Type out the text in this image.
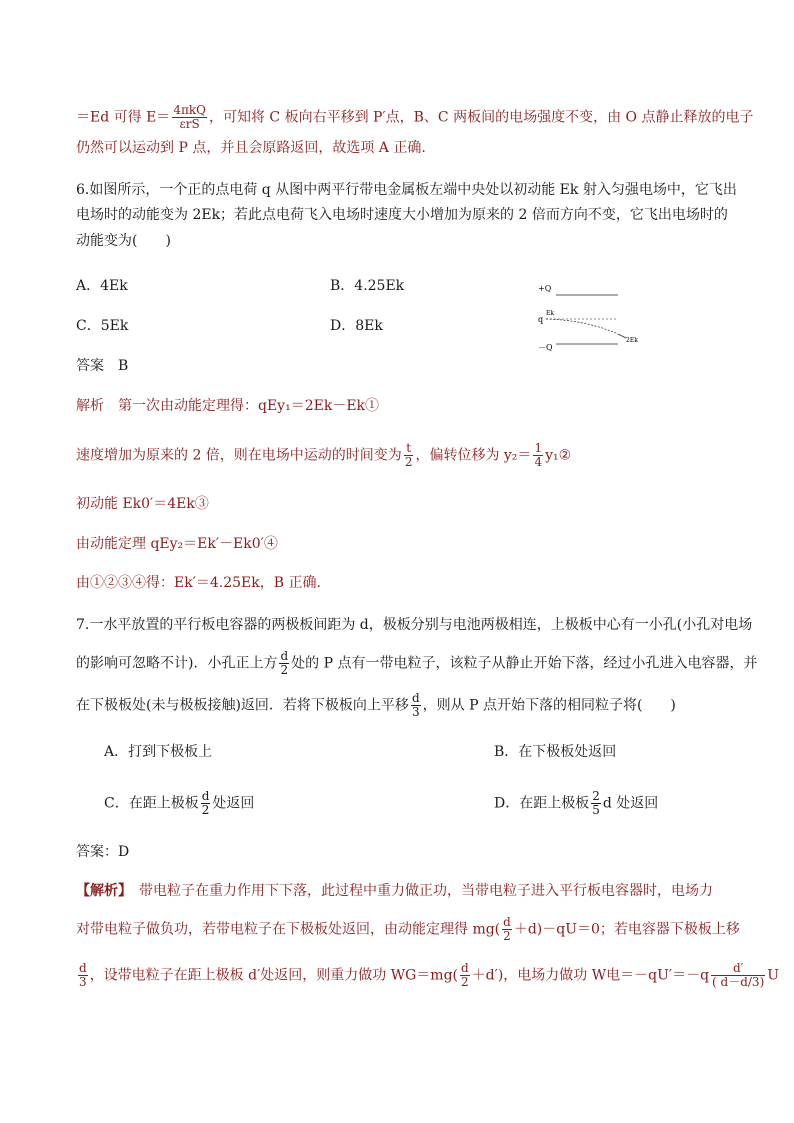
＝Ed 可得 $E= \frac{\text{4πkQ}}{\text{εrS}}$ ，可知将 C 板向右平移到 P′点，B、C 两板间的电场强度不变，由 O 点静止释放的电子
仍然可以运动到 P 点，并且会原路返回，故选项 A 正确.
6.如图所示，一个正的点电荷 q 从图中两平行带电金属板左端中央处以初动能 Ek 射入匀强电场中，它飞出
电场时的动能变为 2Ek；若此点电荷飞入电场时速度大小增加为原来的 2 倍而方向不变，它飞出电场时的
动能变为(　　)
A．4Ek	B．4.25Ek
C．5Ek	D．8Ek
+Q
q
Ek
2Ek
－Q
答案　B
解析　第一次由动能定理得：qEy₁＝2Ek－Ek①
速度增加为原来的 2 倍，则在电场中运动的时间变为 $\frac{t}{2}$ ，偏转位移为 $y_2= \frac{1}{4}$ y₁②
初动能 Ek0′＝4Ek③
由动能定理 qEy₂＝Ek′－Ek0′④
由①②③④得：Ek′＝4.25Ek，B 正确.
7.一水平放置的平行板电容器的两极板间距为 d，极板分别与电池两极相连，上极板中心有一小孔(小孔对电场
的影响可忽略不计)．小孔正上方 $\frac{d}{2}$ 处的 P 点有一带电粒子，该粒子从静止开始下落，经过小孔进入电容器，并
在下极板处(未与极板接触)返回．若将下极板向上平移 $\frac{d}{3}$ ，则从 P 点开始下落的相同粒子将(　　)
A．打到下极板上	B．在下极板处返回
C．在距上极板 $\frac{d}{2}$ 处返回	D．在距上极板 $\frac{2}{5}$ d 处返回
答案：D
【解析】　带电粒子在重力作用下下落，此过程中重力做正功，当带电粒子进入平行板电容器时，电场力
对带电粒子做负功，若带电粒子在下极板处返回，由动能定理得 $mg( \frac{d}{2} +d)-qU=0$；若电容器下极板上移
$\frac{d}{3}$ ，设带电粒子在距上极板 d′处返回，则重力做功 $WG=mg( \frac{d}{2} +d')$，电场力做功 W电$=-qU'=-q \frac{d'}{( d-d/3)}$ U
